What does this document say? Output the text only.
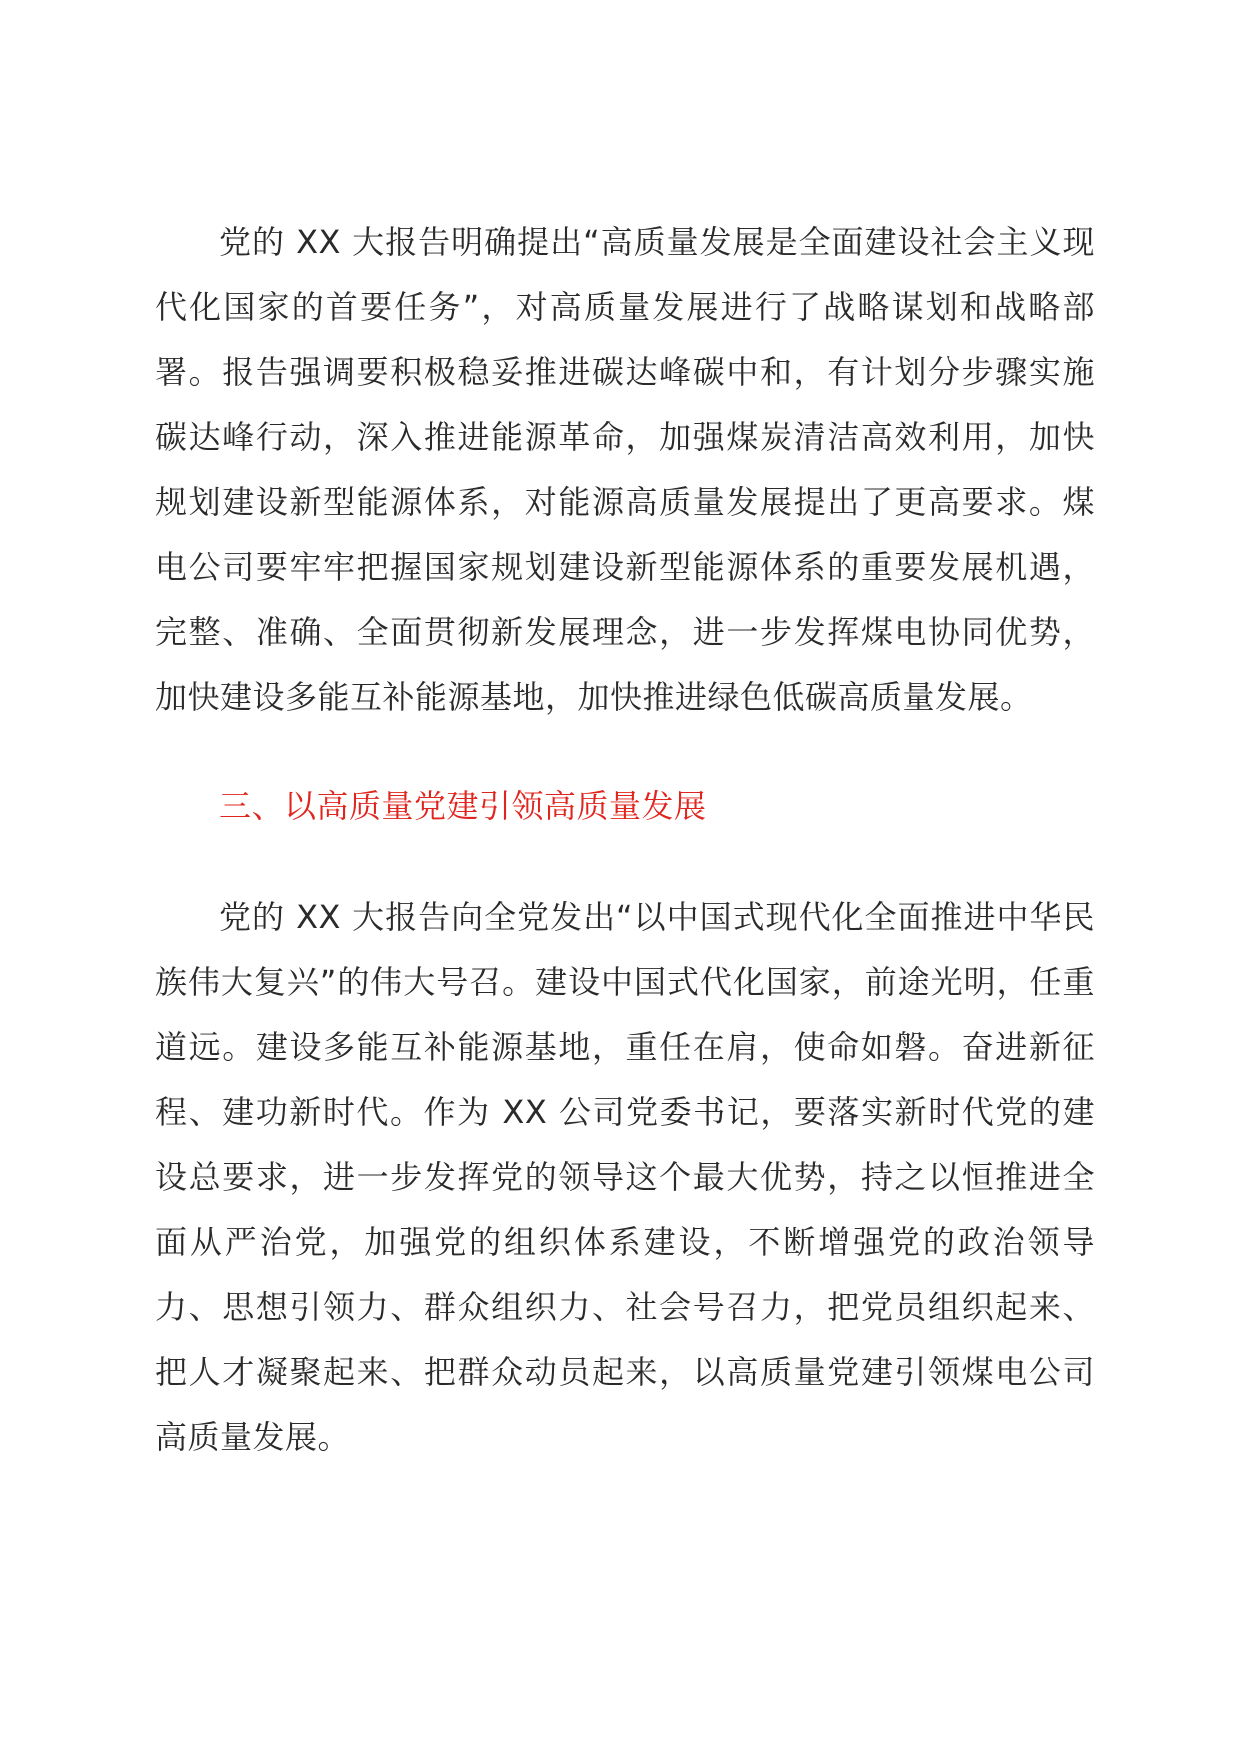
党的 XX 大报告明确提出“高质量发展是全面建设社会主义现代化国家的首要任务”，对高质量发展进行了战略谋划和战略部署。报告强调要积极稳妥推进碳达峰碳中和，有计划分步骤实施碳达峰行动，深入推进能源革命，加强煤炭清洁高效利用，加快规划建设新型能源体系，对能源高质量发展提出了更高要求。煤电公司要牢牢把握国家规划建设新型能源体系的重要发展机遇，完整、准确、全面贯彻新发展理念，进一步发挥煤电协同优势，加快建设多能互补能源基地，加快推进绿色低碳高质量发展。

三、以高质量党建引领高质量发展

党的 XX 大报告向全党发出“以中国式现代化全面推进中华民族伟大复兴”的伟大号召。建设中国式代化国家，前途光明，任重道远。建设多能互补能源基地，重任在肩，使命如磐。奋进新征程、建功新时代。作为 XX 公司党委书记，要落实新时代党的建设总要求，进一步发挥党的领导这个最大优势，持之以恒推进全面从严治党，加强党的组织体系建设，不断增强党的政治领导力、思想引领力、群众组织力、社会号召力，把党员组织起来、把人才凝聚起来、把群众动员起来，以高质量党建引领煤电公司高质量发展。
